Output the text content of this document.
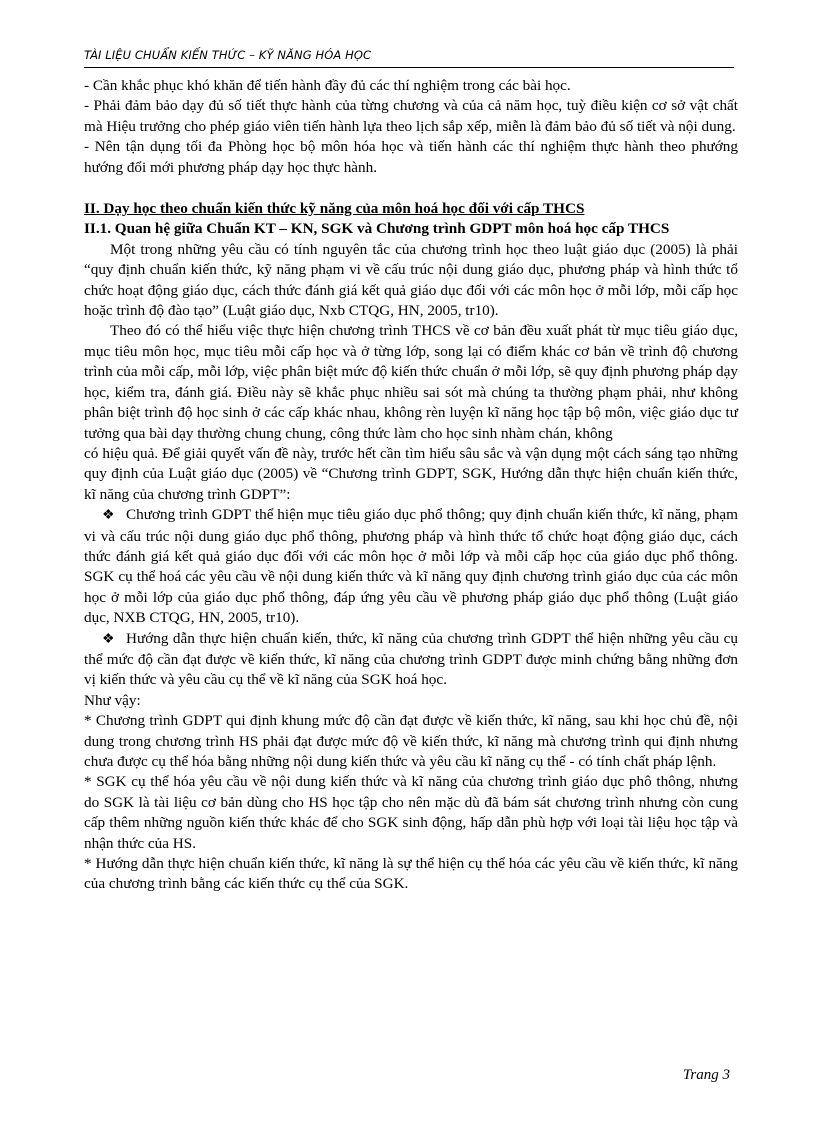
TÀI LIỆU CHUẨN KIẾN THỨC – KỸ NĂNG HÓA HỌC

- Cần khắc phục khó khăn để tiến hành đầy đủ các thí nghiệm trong các bài học.

- Phải đảm bảo dạy đủ số tiết thực hành của từng chương và của cả năm học, tuỳ điều kiện cơ sở vật chất mà Hiệu trưởng cho phép giáo viên tiến hành lựa theo lịch sắp xếp, miễn là đảm bảo đủ số tiết và nội dung.

- Nên tận dụng tối đa Phòng học bộ môn hóa học và tiến hành các thí nghiệm thực hành theo phướng hướng đổi mới phương pháp dạy học thực hành.

II. Dạy học theo chuẩn kiến thức kỹ năng của môn hoá học đối với cấp THCS

II.1. Quan hệ giữa Chuẩn KT – KN, SGK và Chương trình GDPT môn hoá học cấp THCS

Một trong những yêu cầu có tính nguyên tắc của chương trình học theo luật giáo dục (2005) là phải “quy định chuẩn kiến thức, kỹ năng phạm vi về cấu trúc nội dung giáo dục, phương pháp và hình thức tổ chức hoạt động giáo dục, cách thức đánh giá kết quả giáo dục đối với các môn học ở mỗi lớp, mỗi cấp học hoặc trình độ đào tạo” (Luật giáo dục, Nxb CTQG, HN, 2005, tr10).

Theo đó có thể hiểu việc thực hiện chương trình THCS về cơ bản đều xuất phát từ mục tiêu giáo dục, mục tiêu môn học, mục tiêu mỗi cấp học và ở từng lớp, song lại có điểm khác cơ bản về trình độ chương trình của mỗi cấp, mỗi lớp, việc phân biệt mức độ kiến thức chuẩn ở mỗi lớp, sẽ quy định phương pháp dạy học, kiểm tra, đánh giá. Điều này sẽ khắc phục nhiều sai sót mà chúng ta thường phạm phải, như không phân biệt trình độ học sinh ở các cấp khác nhau, không rèn luyện kĩ năng học tập bộ môn, việc giáo dục tư tưởng qua bài dạy thường chung chung, công thức làm cho học sinh nhàm chán, không

có hiệu quả. Để giải quyết vấn đề này, trước hết cần tìm hiểu sâu sắc và vận dụng một cách sáng tạo những quy định của Luật giáo dục (2005) về “Chương trình GDPT, SGK, Hướng dẫn thực hiện chuẩn kiến thức, kĩ năng của chương trình GDPT”:

❖ Chương trình GDPT thể hiện mục tiêu giáo dục phổ thông; quy định chuẩn kiến thức, kĩ năng, phạm vi và cấu trúc nội dung giáo dục phổ thông, phương pháp và hình thức tổ chức hoạt động giáo dục, cách thức đánh giá kết quả giáo dục đối với các môn học ở mỗi lớp và mỗi cấp học của giáo dục phổ thông. SGK cụ thể hoá các yêu cầu về nội dung kiến thức và kĩ năng quy định chương trình giáo dục của các môn học ở mỗi lớp của giáo dục phổ thông, đáp ứng yêu cầu về phương pháp giáo dục phổ thông (Luật giáo dục, NXB CTQG, HN, 2005, tr10).

❖ Hướng dẫn thực hiện chuẩn kiến, thức, kĩ năng của chương trình GDPT thể hiện những yêu cầu cụ thể mức độ cần đạt được về kiến thức, kĩ năng của chương trình GDPT được minh chứng bằng những đơn vị kiến thức và yêu cầu cụ thể về kĩ năng của SGK hoá học.

Như vậy:

* Chương trình GDPT qui định khung mức độ cần đạt được về kiến thức, kĩ năng, sau khi học chủ đề, nội dung trong chương trình HS phải đạt được mức độ về kiến thức, kĩ năng mà chương trình qui định nhưng chưa được cụ thể hóa bằng những nội dung kiến thức và yêu cầu kĩ năng cụ thể - có tính chất pháp lệnh.

* SGK cụ thể hóa yêu cầu về nội dung kiến thức và kĩ năng của chương trình giáo dục phô thông, nhưng do SGK là tài liệu cơ bản dùng cho HS học tập cho nên mặc dù đã bám sát chương trình nhưng còn cung cấp thêm những nguồn kiến thức khác để cho SGK sinh động, hấp dẫn phù hợp với loại tài liệu học tập và nhận thức của HS.

* Hướng dẫn thực hiện chuẩn kiến thức, kĩ năng là sự thể hiện cụ thể hóa các yêu cầu về kiến thức, kĩ năng của chương trình bằng các kiến thức cụ thể của SGK.

Trang 3
